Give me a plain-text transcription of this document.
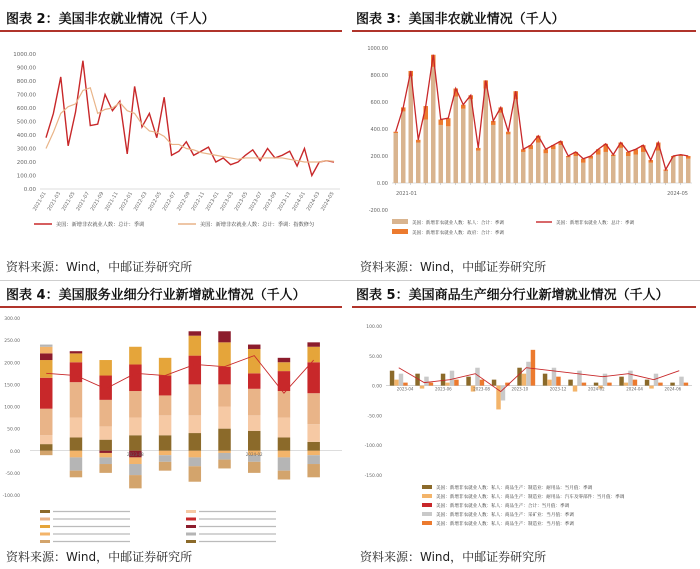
图表 2：美国非农就业情况（千人）
0.00
100.00
200.00
300.00
400.00
500.00
600.00
700.00
800.00
900.00
1000.00
2021-01
2021-03
2021-05
2021-07
2021-09
2021-11
2022-01
2022-03
2022-05
2022-07
2022-09
2022-11
2023-01
2023-03
2023-05
2023-07
2023-09
2023-11
2024-01
2024-03
2024-05
美国：新增非农就业人数：总计：季调	美国：新增非农就业人数：总计：季调：指数修匀
资料来源：Wind，中邮证券研究所
图表 3：美国非农就业情况（千人）
-200.00
0.00
200.00
400.00
600.00
800.00
1000.00
2021-01	2024-05
美国：新增非农就业人数：私人：合计：季调	美国：新增非农就业人数：总计：季调
美国：新增非农就业人数：政府：合计：季调
资料来源：Wind，中邮证券研究所
图表 4：美国服务业细分行业新增就业情况（千人）
-100.00
-50.00
0.00
50.00
100.00
150.00
200.00
250.00
300.00
2023-08	2024-02
资料来源：Wind，中邮证券研究所
图表 5：美国商品生产细分行业新增就业情况（千人）
-150.00
-100.00
-50.00
0.00
50.00
100.00
2023-04	2023-06	2023-08	2023-10	2023-12	2024-02	2024-04	2024-06
美国：新增非农就业人数：私人：商品生产：制造业：耐用品：当月值：季调
美国：新增非农就业人数：私人：商品生产：制造业：耐用品：汽车及零部件：当月值：季调
美国：新增非农就业人数：私人：商品生产：合计：当月值：季调
美国：新增非农就业人数：私人：商品生产：采矿业：当月值：季调
美国：新增非农就业人数：私人：商品生产：制造业：当月值：季调
资料来源：Wind，中邮证券研究所
